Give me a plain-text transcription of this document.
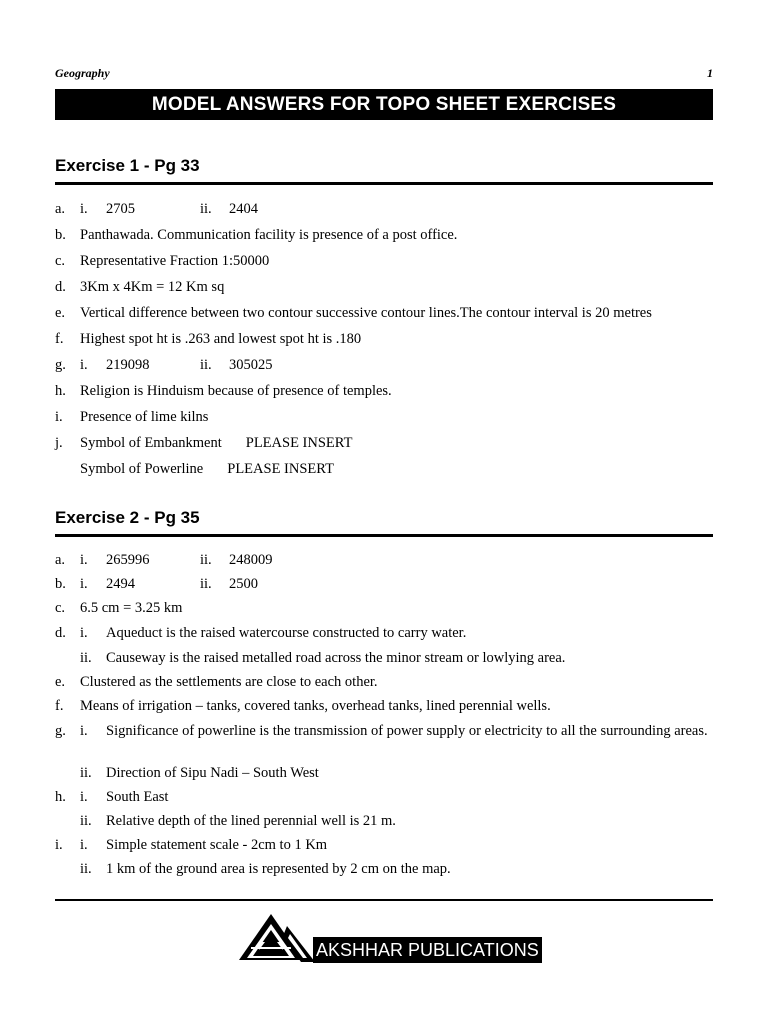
Geography	1
MODEL ANSWERS FOR TOPO SHEET EXERCISES
Exercise 1 - Pg 33
a. i. 2705	ii. 2404
b. Panthawada. Communication facility is presence of a post office.
c. Representative Fraction 1:50000
d. 3Km x 4Km = 12 Km sq
e. Vertical difference between two contour successive contour lines.The contour interval is 20 metres
f. Highest spot ht is .263 and lowest spot ht is .180
g. i. 219098	ii. 305025
h. Religion is Hinduism because of presence of temples.
i. Presence of lime kilns
j. Symbol of Embankment PLEASE INSERT
Symbol of Powerline PLEASE INSERT
Exercise 2 - Pg 35
a. i. 265996	ii. 248009
b. i. 2494	ii. 2500
c. 6.5 cm = 3.25 km
d. i. Aqueduct is the raised watercourse constructed to carry water.
ii. Causeway is the raised metalled road across the minor stream or lowlying area.
e. Clustered as the settlements are close to each other.
f. Means of irrigation – tanks, covered tanks, overhead tanks, lined perennial wells.
g. i. Significance of powerline is the transmission of power supply or electricity to all the surrounding areas.
ii. Direction of Sipu Nadi – South West
h. i. South East
ii. Relative depth of the lined perennial well is 21 m.
i. i. Simple statement scale - 2cm to 1 Km
ii. 1 km of the ground area is represented by 2 cm on the map.
AKSHHAR PUBLICATIONS
